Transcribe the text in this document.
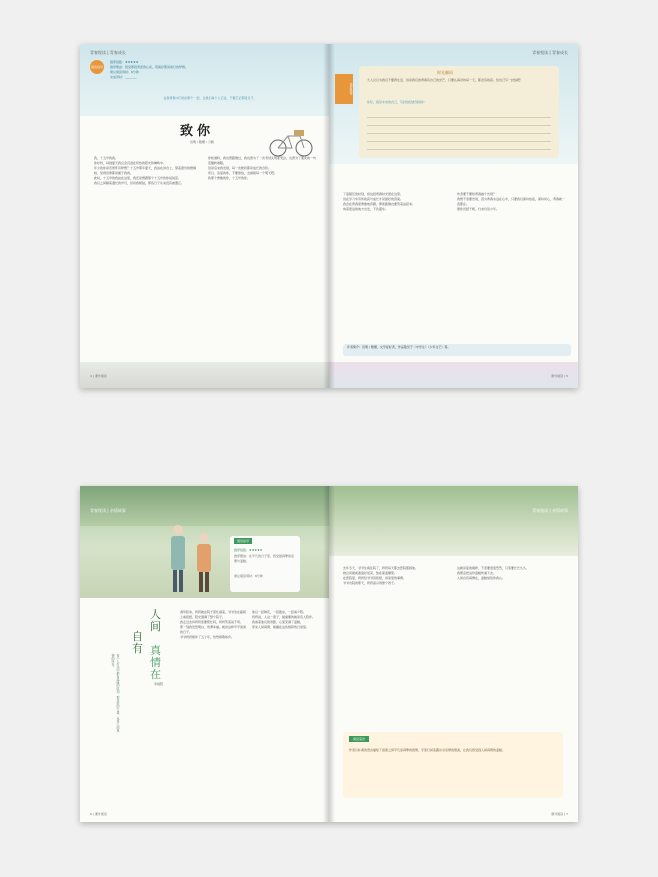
青春悦读 | 青春成长
阅读指导
推荐指数：★★★★★
推荐理由：感受那段青涩的心动，用美好照亮前行的梦想。
建议阅读用时：6分钟
完成用时：________
在我青春中闪光的那个一起，让我们每个人记住，不要忘记那段日子。
致你
田明 / 雅娜 / 刀鹤
我，十五岁的我。
你好呀，每到夏天我总会沉浸在炽热的阳光和蝉鸣中。
年少的你是否曾怀有梦想？十五岁那年夏天，我站在讲台上，望着窗外的梧桐树，觉得世界都是属于我的。
此时，十五岁的我站在这里，我还是想跟那个十五岁的你说说话。
我们之间隔着漫长的岁月，但是我相信，那些日子从来没有被遗忘。
你知道吗，我也曾跌倒过，我也曾为了一次考试失利而哭泣，也曾为了朋友的一句话辗转难眠。
但是后来我发现，每一次挫折都是成长的台阶。
所以，亲爱的你，不要害怕，去拥抱每一个明天吧。
致那个勇敢的你，十五岁的你。
4 | 课外阅读
青春悦读 | 青春成长
读后思考
时光邮局
大人总以为我们不懂得生活，但是我们的青春有自己的光芒，只要认真对待每一天，都会有收获。给自己写一封信吧！
你好，我是未来的自己，写封信给此刻的你：
了高强压的时刻，将这段青春时光留在这里。
但在学习中有所收获与成长才是最好的答案。
我会在青春里勇敢地奔跑，即使跌倒也要笑着站起来。
向着更远的地方出发，不负韶华。
作者要不要和青春做个告别？
我想不需要告别，因为青春永远在心中，只要我们保持热爱，保持初心，青春就一直都在。
愿你历经千帆，归来仍是少年。
作者简介：田明 / 雅娜，文学爱好者，作品散见于《中学生》《少年文艺》等。
课外阅读 | 5
青春悦读 | 亲情故事
阅读指导
推荐指数：★★★★★
推荐理由：在平凡的日子里，感受最真挚的亲情与温暖。
建议阅读用时：6分钟
人
间
自
有 真
情
在
李晨阳
每个人生活中都有温暖的时刻，那是爱的力量，也是人间真情的所在。
清早起来，奶奶就在院子里忙碌着，爷爷坐在藤椅上看报纸，阳光洒满了整个院子。
我走过去问奶奶需要帮忙吗，奶奶笑着说不用。
那一刻我忽然明白，所谓幸福，就是这样平平淡淡的日子。
爷爷奶奶相伴了五十年，依然相敬如宾。
他们一起种花，一起散步，一起看夕阳。
奶奶说，人这一辈子，最重要的就是有人陪伴。
我看着他们的背影，心里充满了温暖。
原来人间真情，就藏在这些细碎的日常里。
6 | 课外阅读
青春悦读 | 亲情故事
去年冬天，爷爷生病住院了，奶奶每天都去医院照顾他。
她总是提前准备好饭菜，装在保温桶里。
在医院里，奶奶给爷爷读报纸，讲家里的事情。
爷爷出院的那天，奶奶高兴得像个孩子。
这就是爱的模样，不需要轰轰烈烈，只需要长长久久。
我愿意把这份温暖传递下去。
人间自有真情在，温暖常驻你我心。
阅读鉴赏
作者以朴素的语言描绘了祖辈之间平凡而真挚的感情，字里行间流露出对亲情的赞美，让我们感受到人间真情的温暖。
课外阅读 | 7
